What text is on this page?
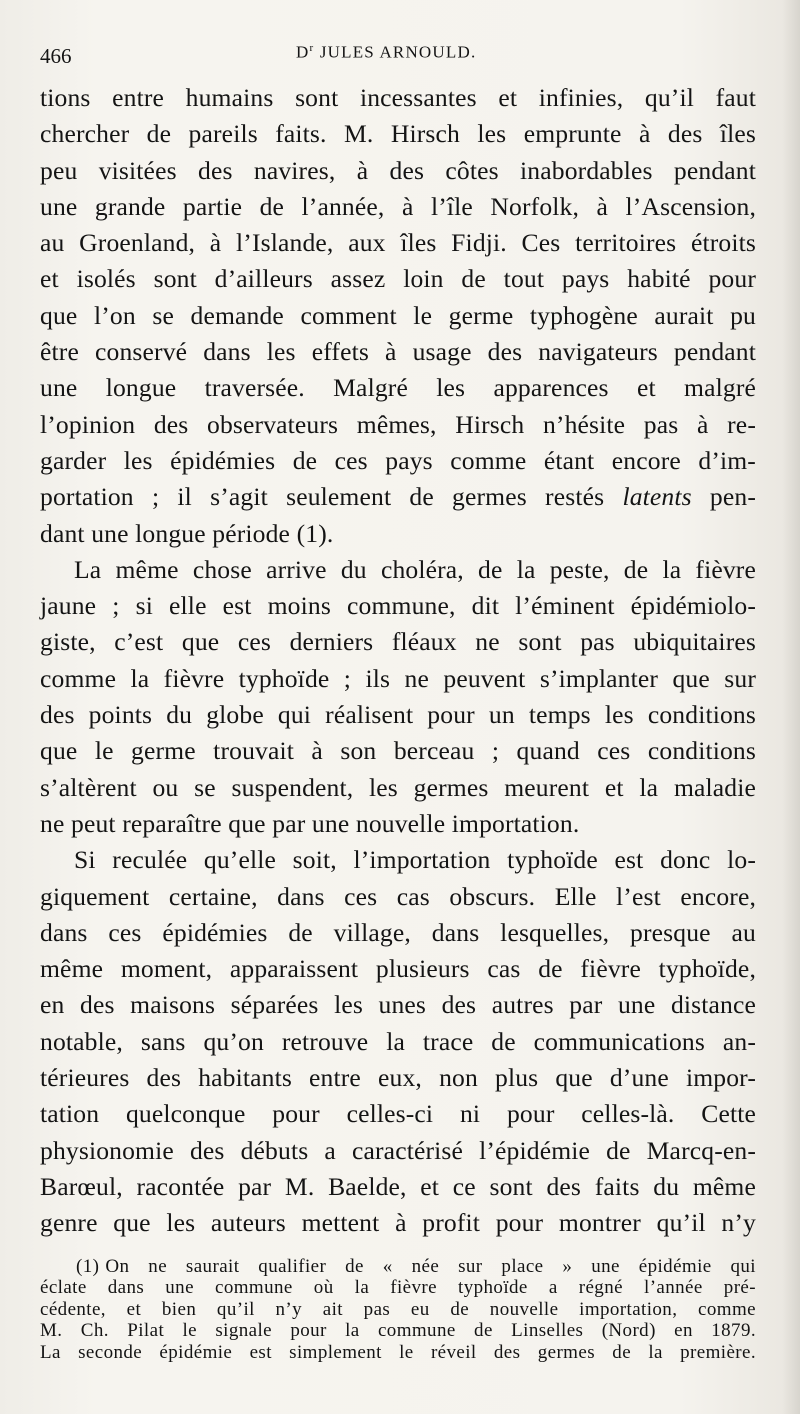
466	$D^r$ JULES ARNOULD.

tions entre humains sont incessantes et infinies, qu’il faut
chercher de pareils faits. M. Hirsch les emprunte à des îles
peu visitées des navires, à des côtes inabordables pendant
une grande partie de l’année, à l’île Norfolk, à l’Ascension,
au Groenland, à l’Islande, aux îles Fidji. Ces territoires étroits
et isolés sont d’ailleurs assez loin de tout pays habité pour
que l’on se demande comment le germe typhogène aurait pu
être conservé dans les effets à usage des navigateurs pendant
une longue traversée. Malgré les apparences et malgré
l’opinion des observateurs mêmes, Hirsch n’hésite pas à re-
garder les épidémies de ces pays comme étant encore d’im-
portation ; il s’agit seulement de germes restés latents pen-
dant une longue période (1).

La même chose arrive du choléra, de la peste, de la fièvre
jaune ; si elle est moins commune, dit l’éminent épidémiolo-
giste, c’est que ces derniers fléaux ne sont pas ubiquitaires
comme la fièvre typhoïde ; ils ne peuvent s’implanter que sur
des points du globe qui réalisent pour un temps les conditions
que le germe trouvait à son berceau ; quand ces conditions
s’altèrent ou se suspendent, les germes meurent et la maladie
ne peut reparaître que par une nouvelle importation.

Si reculée qu’elle soit, l’importation typhoïde est donc lo-
giquement certaine, dans ces cas obscurs. Elle l’est encore,
dans ces épidémies de village, dans lesquelles, presque au
même moment, apparaissent plusieurs cas de fièvre typhoïde,
en des maisons séparées les unes des autres par une distance
notable, sans qu’on retrouve la trace de communications an-
térieures des habitants entre eux, non plus que d’une impor-
tation quelconque pour celles-ci ni pour celles-là. Cette
physionomie des débuts a caractérisé l’épidémie de Marcq-en-
Barœul, racontée par M. Baelde, et ce sont des faits du même
genre que les auteurs mettent à profit pour montrer qu’il n’y

(1) On ne saurait qualifier de « née sur place » une épidémie qui
éclate dans une commune où la fièvre typhoïde a régné l’année pré-
cédente, et bien qu’il n’y ait pas eu de nouvelle importation, comme
M. Ch. Pilat le signale pour la commune de Linselles (Nord) en 1879.
La seconde épidémie est simplement le réveil des germes de la première.
